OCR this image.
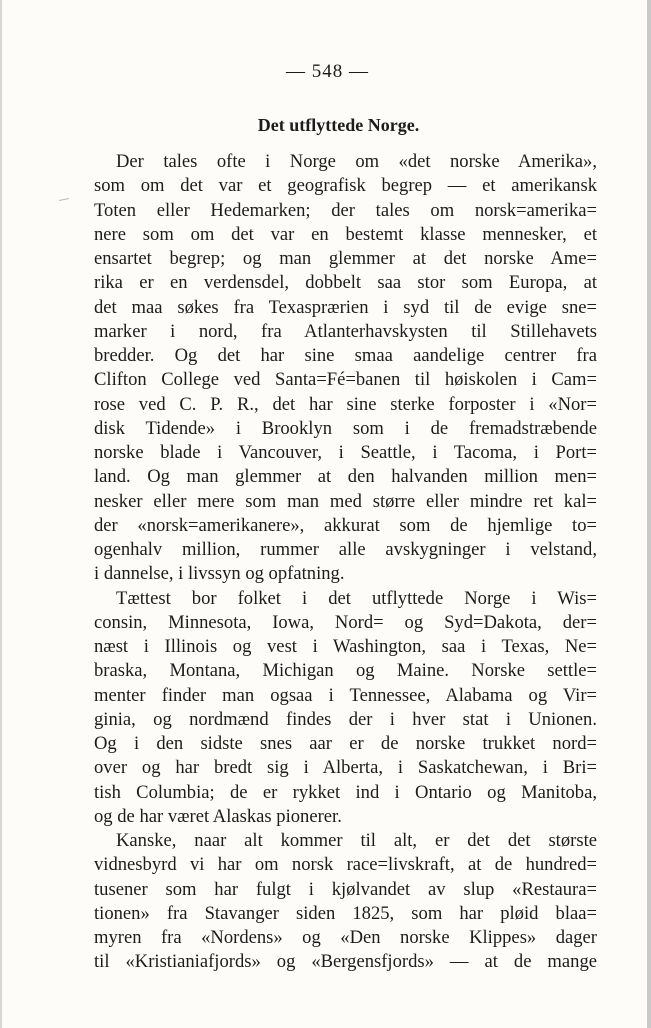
— 548 —
Det utflyttede Norge.
Der tales ofte i Norge om «det norske Amerika»,
som om det var et geografisk begrep — et amerikansk
Toten eller Hedemarken; der tales om norsk=amerika=
nere som om det var en bestemt klasse mennesker, et
ensartet begrep; og man glemmer at det norske Ame=
rika er en verdensdel, dobbelt saa stor som Europa, at
det maa søkes fra Texasprærien i syd til de evige sne=
marker i nord, fra Atlanterhavskysten til Stillehavets
bredder. Og det har sine smaa aandelige centrer fra
Clifton College ved Santa=Fé=banen til høiskolen i Cam=
rose ved C. P. R., det har sine sterke forposter i «Nor=
disk Tidende» i Brooklyn som i de fremadstræbende
norske blade i Vancouver, i Seattle, i Tacoma, i Port=
land. Og man glemmer at den halvanden million men=
nesker eller mere som man med større eller mindre ret kal=
der «norsk=amerikanere», akkurat som de hjemlige to=
ogenhalv million, rummer alle avskygninger i velstand,
i dannelse, i livssyn og opfatning.
Tættest bor folket i det utflyttede Norge i Wis=
consin, Minnesota, Iowa, Nord= og Syd=Dakota, der=
næst i Illinois og vest i Washington, saa i Texas, Ne=
braska, Montana, Michigan og Maine. Norske settle=
menter finder man ogsaa i Tennessee, Alabama og Vir=
ginia, og nordmænd findes der i hver stat i Unionen.
Og i den sidste snes aar er de norske trukket nord=
over og har bredt sig i Alberta, i Saskatchewan, i Bri=
tish Columbia; de er rykket ind i Ontario og Manitoba,
og de har været Alaskas pionerer.
Kanske, naar alt kommer til alt, er det det største
vidnesbyrd vi har om norsk race=livskraft, at de hundred=
tusener som har fulgt i kjølvandet av slup «Restaura=
tionen» fra Stavanger siden 1825, som har pløid blaa=
myren fra «Nordens» og «Den norske Klippes» dager
til «Kristianiafjords» og «Bergensfjords» — at de mange
